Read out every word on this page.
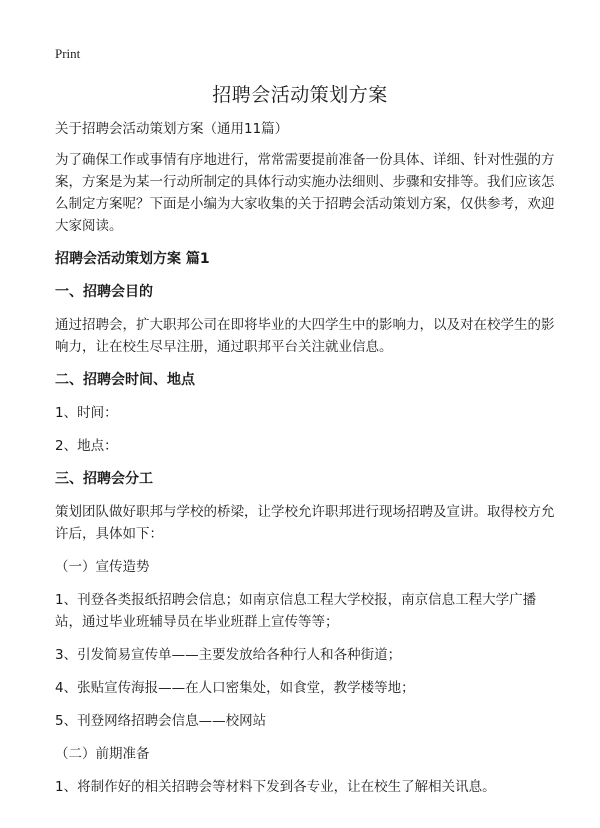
Print
招聘会活动策划方案

关于招聘会活动策划方案（通用11篇）

为了确保工作或事情有序地进行，常常需要提前准备一份具体、详细、针对性强的方案，方案是为某一行动所制定的具体行动实施办法细则、步骤和安排等。我们应该怎么制定方案呢？下面是小编为大家收集的关于招聘会活动策划方案，仅供参考，欢迎大家阅读。

招聘会活动策划方案 篇1
一、招聘会目的

通过招聘会，扩大职邦公司在即将毕业的大四学生中的影响力，以及对在校学生的影响力，让在校生尽早注册，通过职邦平台关注就业信息。

二、招聘会时间、地点

1、时间：

2、地点：

三、招聘会分工

策划团队做好职邦与学校的桥梁，让学校允许职邦进行现场招聘及宣讲。取得校方允许后，具体如下：

（一）宣传造势

1、刊登各类报纸招聘会信息；如南京信息工程大学校报，南京信息工程大学广播站，通过毕业班辅导员在毕业班群上宣传等等；

3、引发简易宣传单——主要发放给各种行人和各种街道；

4、张贴宣传海报——在人口密集处，如食堂，教学楼等地；

5、刊登网络招聘会信息——校网站

（二）前期准备

1、将制作好的相关招聘会等材料下发到各专业，让在校生了解相关讯息。
